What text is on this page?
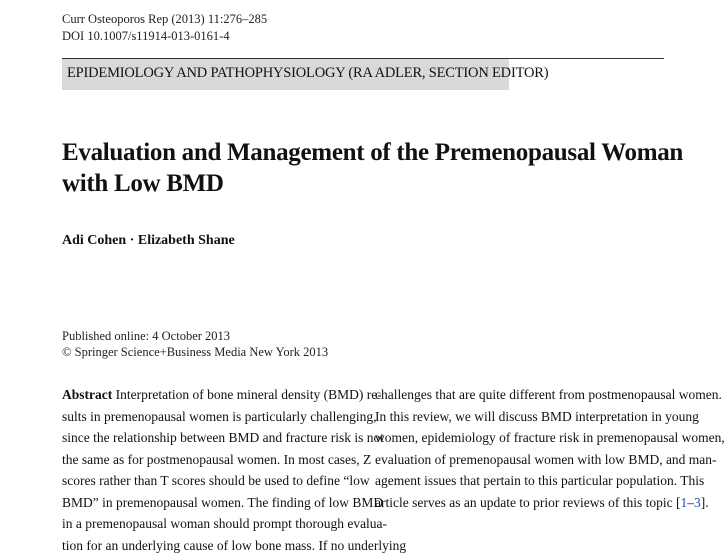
Curr Osteoporos Rep (2013) 11:276–285
DOI 10.1007/s11914-013-0161-4
EPIDEMIOLOGY AND PATHOPHYSIOLOGY (RA ADLER, SECTION EDITOR)
Evaluation and Management of the Premenopausal Woman
with Low BMD
Adi Cohen · Elizabeth Shane
Published online: 4 October 2013
© Springer Science+Business Media New York 2013
Abstract Interpretation of bone mineral density (BMD) re-
sults in premenopausal women is particularly challenging,
since the relationship between BMD and fracture risk is not
the same as for postmenopausal women. In most cases, Z
scores rather than T scores should be used to define “low
BMD” in premenopausal women. The finding of low BMD
in a premenopausal woman should prompt thorough evalua-
tion for an underlying cause of low bone mass. If no underlying
challenges that are quite different from postmenopausal women.
In this review, we will discuss BMD interpretation in young
women, epidemiology of fracture risk in premenopausal women,
evaluation of premenopausal women with low BMD, and man-
agement issues that pertain to this particular population. This
article serves as an update to prior reviews of this topic [1–3].
